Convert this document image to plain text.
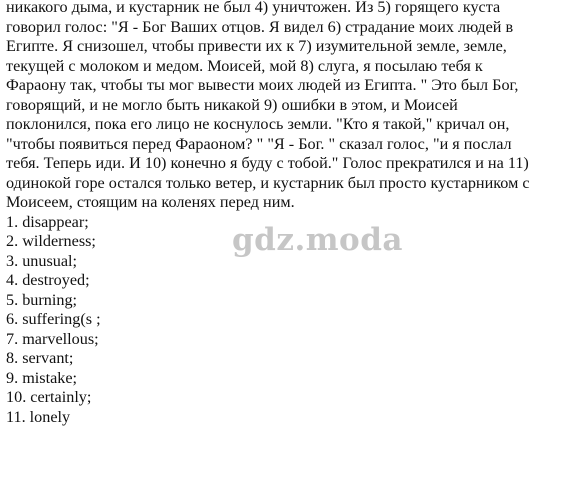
никакого дыма, и кустарник не был 4) уничтожен. Из 5) горящего куста
говорил голос: "Я - Бог Ваших отцов. Я видел 6) страдание моих людей в
Египте. Я снизошел, чтобы привести их к 7) изумительной земле, земле,
текущей с молоком и медом. Моисей, мой 8) слуга, я посылаю тебя к
Фараону так, чтобы ты мог вывести моих людей из Египта. " Это был Бог,
говорящий, и не могло быть никакой 9) ошибки в этом, и Моисей
поклонился, пока его лицо не коснулось земли. "Кто я такой," кричал он,
"чтобы появиться перед Фараоном? " "Я - Бог. " сказал голос, "и я послал
тебя. Теперь иди. И 10) конечно я буду с тобой." Голос прекратился и на 11)
одинокой горе остался только ветер, и кустарник был просто кустарником с
Моисеем, стоящим на коленях перед ним.
1. disappear;
2. wilderness;
3. unusual;
4. destroyed;
5. burning;
6. suffering(s ;
7. marvellous;
8. servant;
9. mistake;
10. certainly;
11. lonely
gdz.moda
